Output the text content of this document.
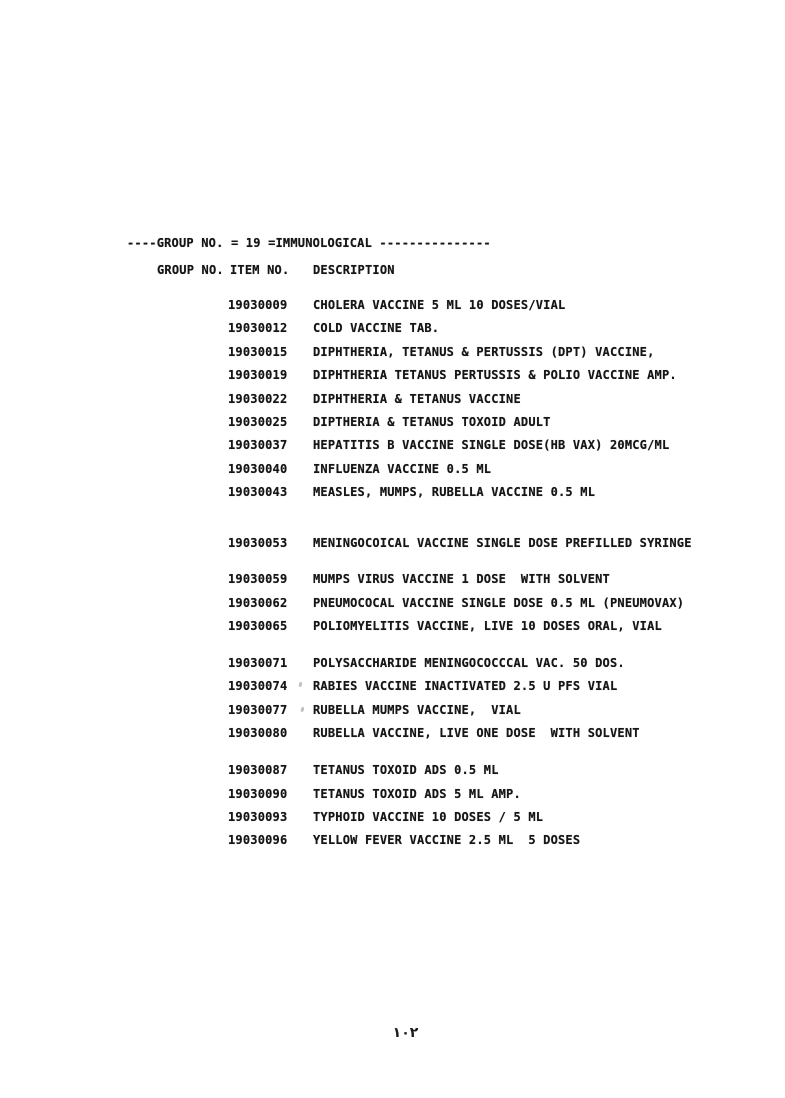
----GROUP NO. = 19 =IMMUNOLOGICAL ---------------
GROUP NO. ITEM NO. DESCRIPTION
19030009 CHOLERA VACCINE 5 ML 10 DOSES/VIAL
19030012 COLD VACCINE TAB.
19030015 DIPHTHERIA, TETANUS & PERTUSSIS (DPT) VACCINE,
19030019 DIPHTHERIA TETANUS PERTUSSIS & POLIO VACCINE AMP.
19030022 DIPHTHERIA & TETANUS VACCINE
19030025 DIPTHERIA & TETANUS TOXOID ADULT
19030037 HEPATITIS B VACCINE SINGLE DOSE(HB VAX) 20MCG/ML
19030040 INFLUENZA VACCINE 0.5 ML
19030043 MEASLES, MUMPS, RUBELLA VACCINE 0.5 ML
19030053 MENINGOCOICAL VACCINE SINGLE DOSE PREFILLED SYRINGE
19030059 MUMPS VIRUS VACCINE 1 DOSE  WITH SOLVENT
19030062 PNEUMOCOCAL VACCINE SINGLE DOSE 0.5 ML (PNEUMOVAX)
19030065 POLIOMYELITIS VACCINE, LIVE 10 DOSES ORAL, VIAL
19030071 POLYSACCHARIDE MENINGOCOCCCAL VAC. 50 DOS.
19030074 RABIES VACCINE INACTIVATED 2.5 U PFS VIAL
19030077 RUBELLA MUMPS VACCINE,  VIAL
19030080 RUBELLA VACCINE, LIVE ONE DOSE  WITH SOLVENT
19030087 TETANUS TOXOID ADS 0.5 ML
19030090 TETANUS TOXOID ADS 5 ML AMP.
19030093 TYPHOID VACCINE 10 DOSES / 5 ML
19030096 YELLOW FEVER VACCINE 2.5 ML  5 DOSES
١٠٢
